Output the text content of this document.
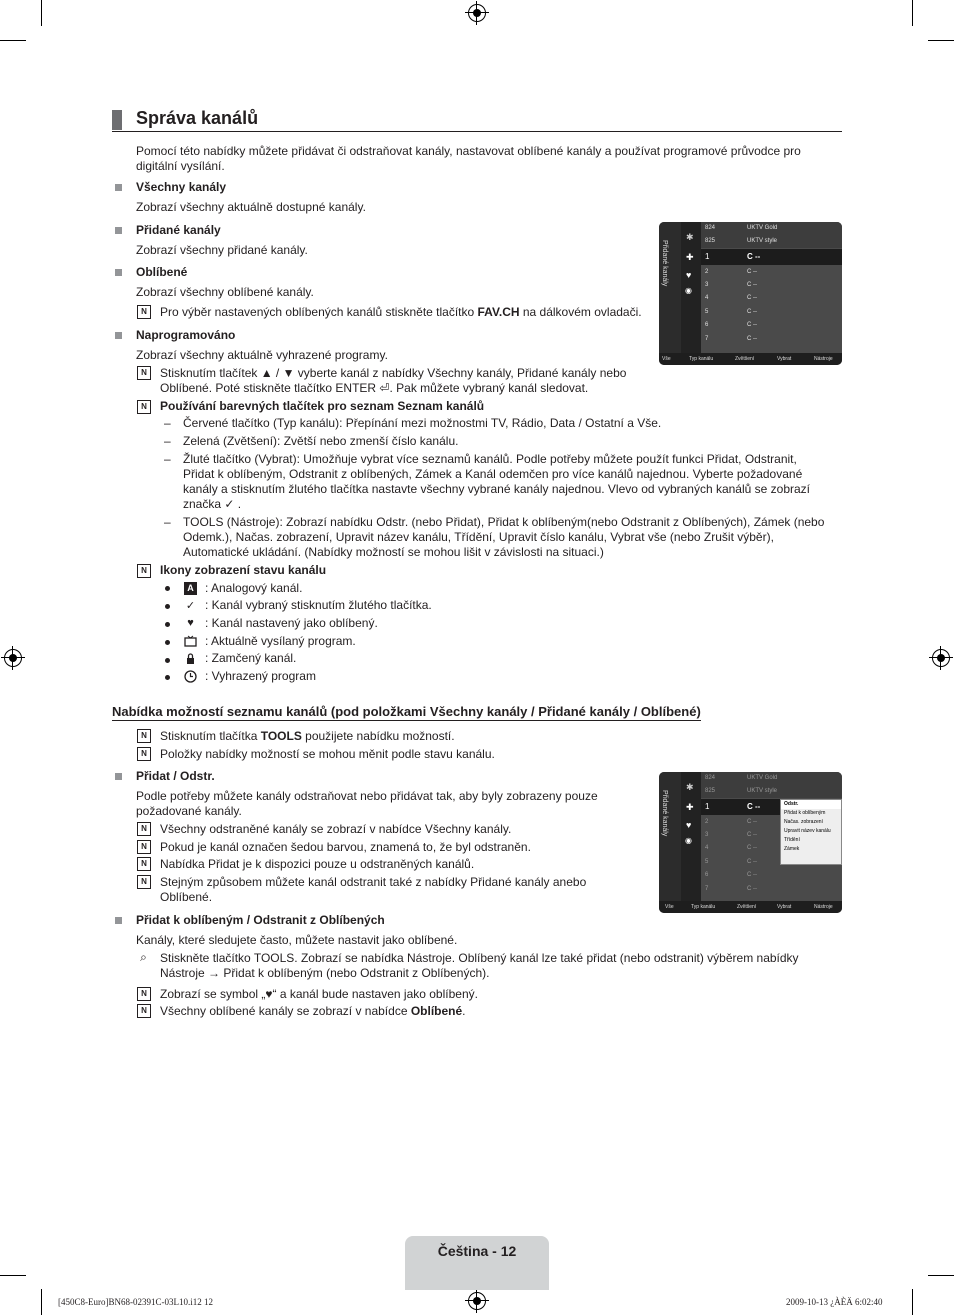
Správa kanálů
Pomocí této nabídky můžete přidávat či odstraňovat kanály, nastavovat oblíbené kanály a používat programové průvodce pro digitální vysílání.
Všechny kanály
Zobrazí všechny aktuálně dostupné kanály.
Přidané kanály
Zobrazí všechny přidané kanály.
Oblíbené
Zobrazí všechny oblíbené kanály.
N	Pro výběr nastavených oblíbených kanálů stiskněte tlačítko FAV.CH na dálkovém ovladači.
Naprogramováno
Zobrazí všechny aktuálně vyhrazené programy.
N	Stisknutím tlačítek ▲ / ▼ vyberte kanál z nabídky Všechny kanály, Přidané kanály nebo
Oblíbené. Poté stiskněte tlačítko ENTER ⏎. Pak můžete vybraný kanál sledovat.
N	Používání barevných tlačítek pro seznam Seznam kanálů
– Červené tlačítko (Typ kanálu): Přepínání mezi možnostmi TV, Rádio, Data / Ostatní a Vše.
– Zelená (Zvětšení): Zvětší nebo zmenší číslo kanálu.
– Žluté tlačítko (Vybrat): Umožňuje vybrat více seznamů kanálů. Podle potřeby můžete použít funkci Přidat, Odstranit, Přidat k oblíbeným, Odstranit z oblíbených, Zámek a Kanál odemčen pro více kanálů najednou. Vyberte požadované kanály a stisknutím žlutého tlačítka nastavte všechny vybrané kanály najednou. Vlevo od vybraných kanálů se zobrazí značka ✓ .
– TOOLS (Nástroje): Zobrazí nabídku Odstr. (nebo Přidat), Přidat k oblíbeným(nebo Odstranit z Oblíbených), Zámek (nebo Odemk.), Načas. zobrazení, Upravit název kanálu, Třídění, Upravit číslo kanálu, Vybrat vše (nebo Zrušit výběr), Automatické ukládání. (Nabídky možností se mohou lišit v závislosti na situaci.)
N	Ikony zobrazení stavu kanálu
A : Analogový kanál.
✓ : Kanál vybraný stisknutím žlutého tlačítka.
♥ : Kanál nastavený jako oblíbený.
: Aktuálně vysílaný program.
: Zamčený kanál.
: Vyhrazený program
Přidané kanály
✱
✚
♥
◉
824	UKTV Gold
825	UKTV style
1	C --
2	C --
3	C --
4	C --
5	C --
6	C --
7	C --
Vše	Typ kanálu	Zvětšení	Vybrat	Nástroje
Nabídka možností seznamu kanálů (pod položkami Všechny kanály / Přidané kanály / Oblíbené)
N	Stisknutím tlačítka TOOLS použijete nabídku možností.
N	Položky nabídky možností se mohou měnit podle stavu kanálu.
Přidat / Odstr.
Podle potřeby můžete kanály odstraňovat nebo přidávat tak, aby byly zobrazeny pouze požadované kanály.
N	Všechny odstraněné kanály se zobrazí v nabídce Všechny kanály.
N	Pokud je kanál označen šedou barvou, znamená to, že byl odstraněn.
N	Nabídka Přidat je k dispozici pouze u odstraněných kanálů.
N	Stejným způsobem můžete kanál odstranit také z nabídky Přidané kanály anebo Oblíbené.
Přidané kanály
✱
✚
♥
◉
824	UKTV Gold
825	UKTV style
1	C --
2	C --
3	C --
4	C --
5	C --
6	C --
7	C --
Odstr.
Přidat k oblíbeným
Načas. zobrazení
Upravit název kanálu
Třídění
Zámek
Vše	Typ kanálu	Zvětšení	Vybrat	Nástroje
Přidat k oblíbeným / Odstranit z Oblíbených
Kanály, které sledujete často, můžete nastavit jako oblíbené.
⌕ Stiskněte tlačítko TOOLS. Zobrazí se nabídka Nástroje. Oblíbený kanál lze také přidat (nebo odstranit) výběrem nabídky Nástroje → Přidat k oblíbeným (nebo Odstranit z Oblíbených).
N	Zobrazí se symbol „♥“ a kanál bude nastaven jako oblíbený.
N	Všechny oblíbené kanály se zobrazí v nabídce Oblíbené.
Čeština - 12
[450C8-Euro]BN68-02391C-03L10.i12 12	2009-10-13 ¿ÀÈÄ 6:02:40
